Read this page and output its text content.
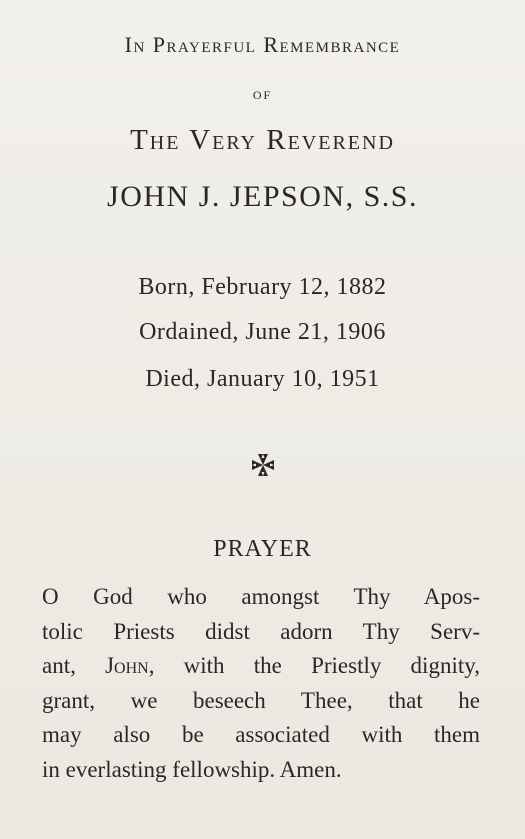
In Prayerful Remembrance
of
The Very Reverend
JOHN J. JEPSON, S.S.
Born, February 12, 1882
Ordained, June 21, 1906
Died, January 10, 1951
PRAYER
O God who amongst Thy Apos-
tolic Priests didst adorn Thy Serv-
ant, John, with the Priestly dignity,
grant, we beseech Thee, that he
may also be associated with them
in everlasting fellowship. Amen.
